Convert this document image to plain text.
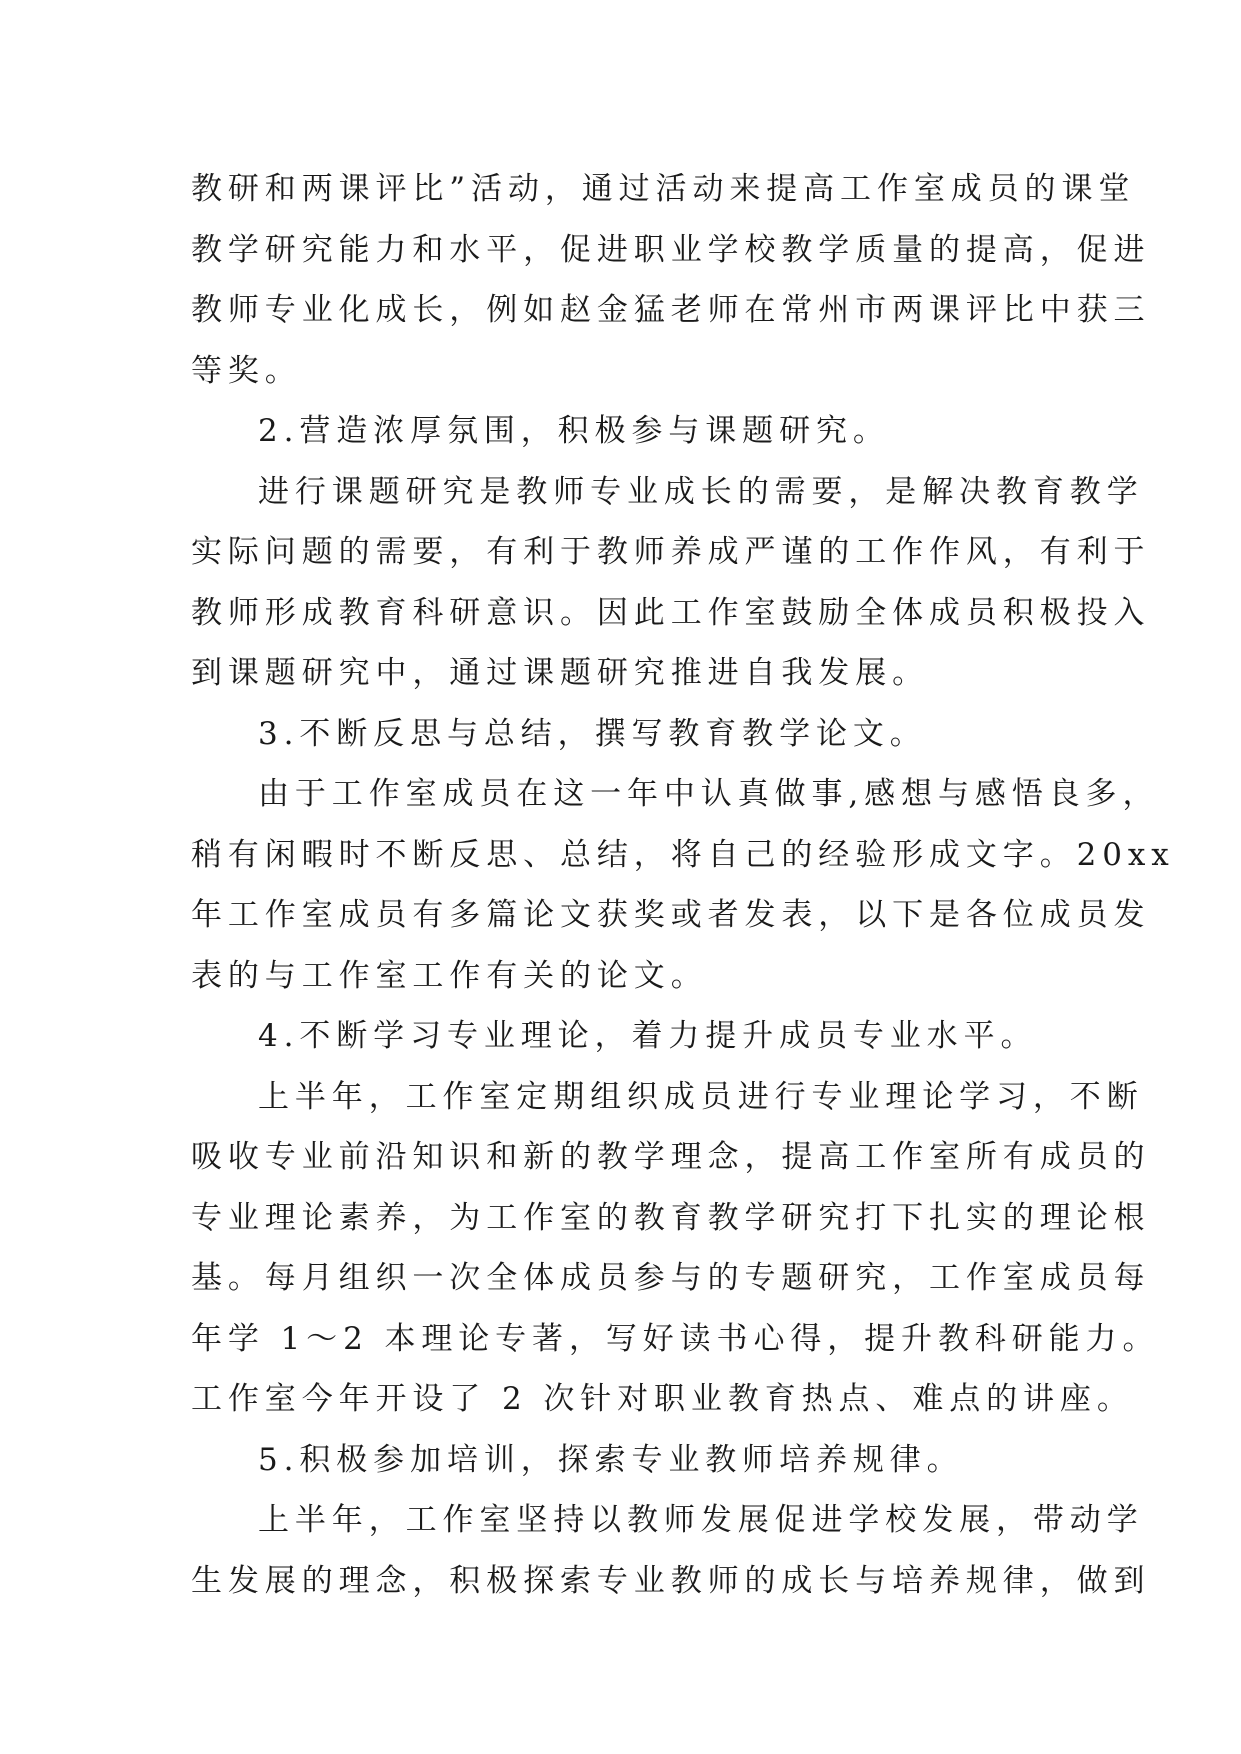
教研和两课评比”活动，通过活动来提高工作室成员的课堂
教学研究能力和水平，促进职业学校教学质量的提高，促进
教师专业化成长，例如赵金猛老师在常州市两课评比中获三
等奖。
2.营造浓厚氛围，积极参与课题研究。
进行课题研究是教师专业成长的需要，是解决教育教学
实际问题的需要，有利于教师养成严谨的工作作风，有利于
教师形成教育科研意识。因此工作室鼓励全体成员积极投入
到课题研究中，通过课题研究推进自我发展。
3.不断反思与总结，撰写教育教学论文。
由于工作室成员在这一年中认真做事,感想与感悟良多，
稍有闲暇时不断反思、总结，将自己的经验形成文字。20xx
年工作室成员有多篇论文获奖或者发表，以下是各位成员发
表的与工作室工作有关的论文。
4.不断学习专业理论，着力提升成员专业水平。
上半年，工作室定期组织成员进行专业理论学习，不断
吸收专业前沿知识和新的教学理念，提高工作室所有成员的
专业理论素养，为工作室的教育教学研究打下扎实的理论根
基。每月组织一次全体成员参与的专题研究，工作室成员每
年学 1～2 本理论专著，写好读书心得，提升教科研能力。
工作室今年开设了 2 次针对职业教育热点、难点的讲座。
5.积极参加培训，探索专业教师培养规律。
上半年，工作室坚持以教师发展促进学校发展，带动学
生发展的理念，积极探索专业教师的成长与培养规律，做到
